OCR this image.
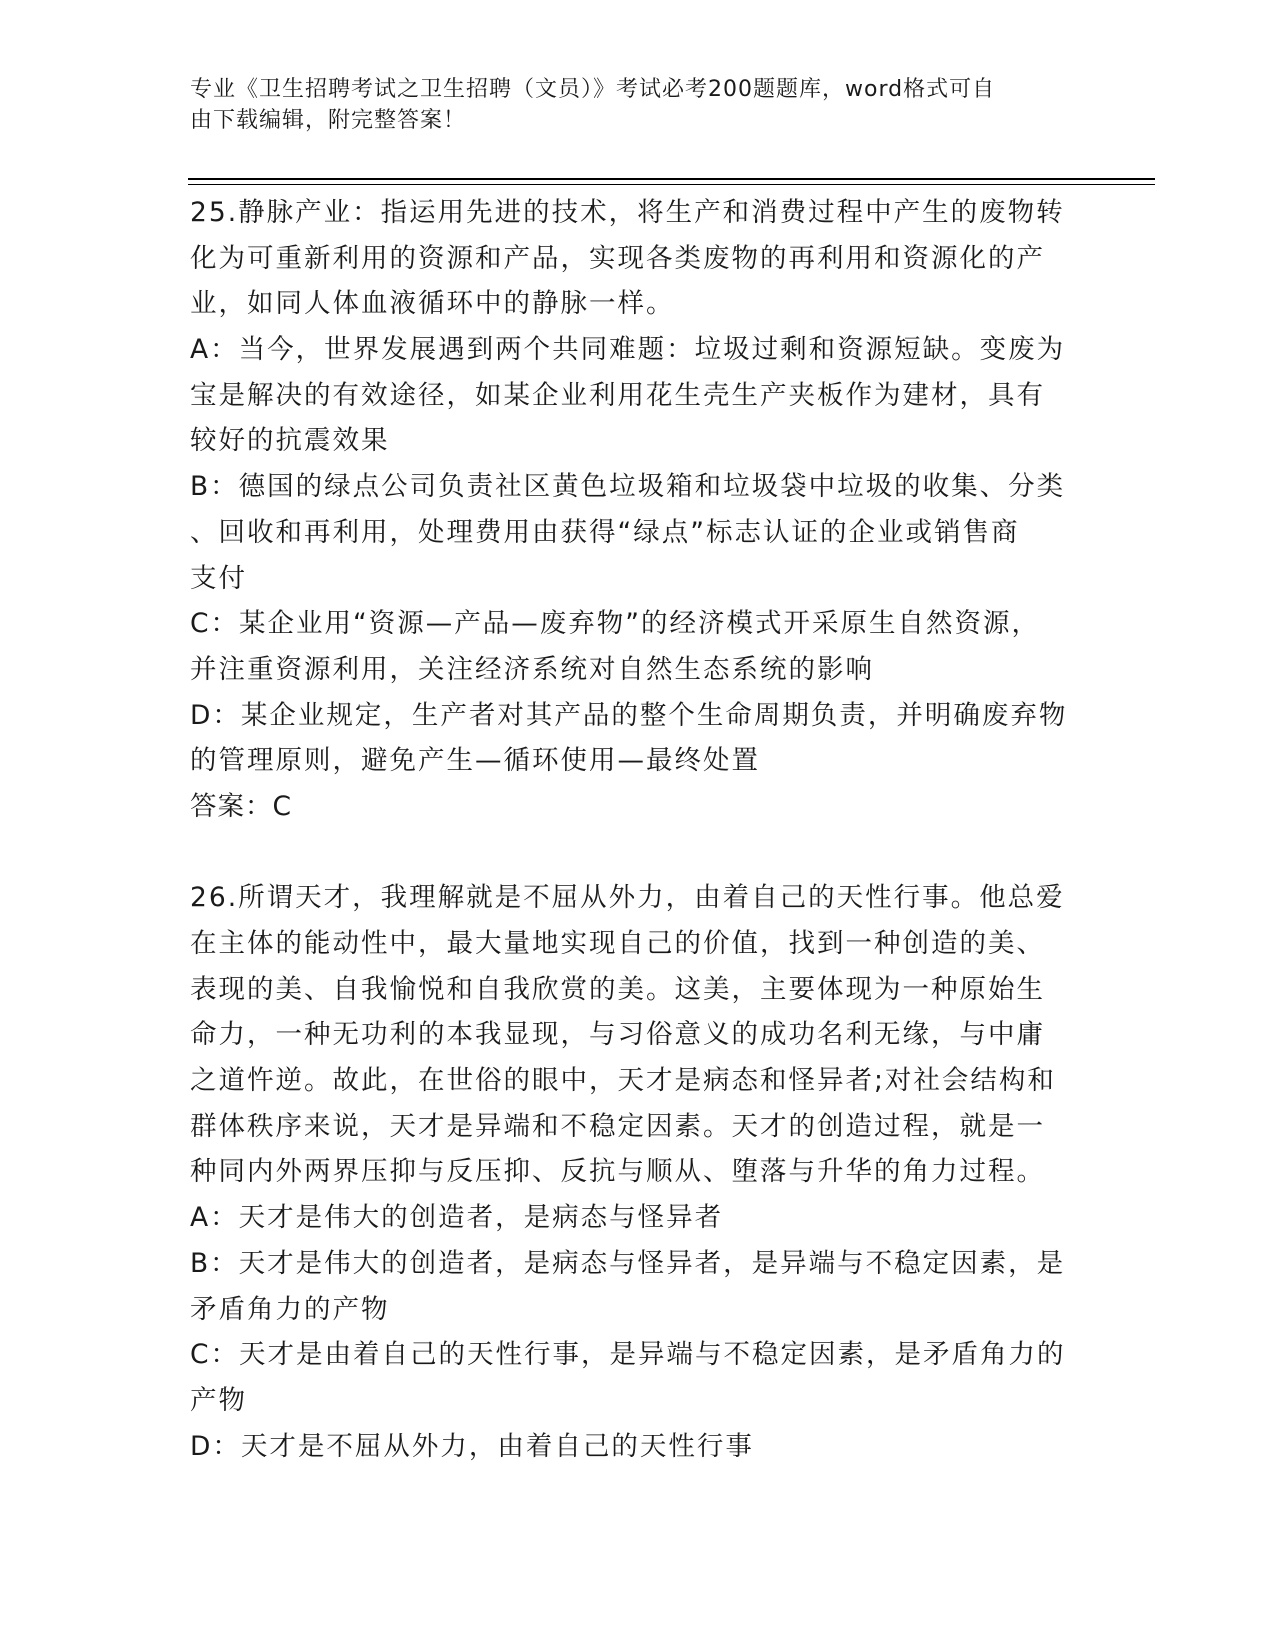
专业《卫生招聘考试之卫生招聘（文员）》考试必考200题题库，word格式可自
由下载编辑，附完整答案！
25.静脉产业：指运用先进的技术，将生产和消费过程中产生的废物转
化为可重新利用的资源和产品，实现各类废物的再利用和资源化的产
业，如同人体血液循环中的静脉一样。
A：当今，世界发展遇到两个共同难题：垃圾过剩和资源短缺。变废为
宝是解决的有效途径，如某企业利用花生壳生产夹板作为建材，具有
较好的抗震效果
B：德国的绿点公司负责社区黄色垃圾箱和垃圾袋中垃圾的收集、分类
、回收和再利用，处理费用由获得“绿点”标志认证的企业或销售商
支付
C：某企业用“资源—产品—废弃物”的经济模式开采原生自然资源，
并注重资源利用，关注经济系统对自然生态系统的影响
D：某企业规定，生产者对其产品的整个生命周期负责，并明确废弃物
的管理原则，避免产生—循环使用—最终处置
答案：C
26.所谓天才，我理解就是不屈从外力，由着自己的天性行事。他总爱
在主体的能动性中，最大量地实现自己的价值，找到一种创造的美、
表现的美、自我愉悦和自我欣赏的美。这美，主要体现为一种原始生
命力，一种无功利的本我显现，与习俗意义的成功名利无缘，与中庸
之道忤逆。故此，在世俗的眼中，天才是病态和怪异者;对社会结构和
群体秩序来说，天才是异端和不稳定因素。天才的创造过程，就是一
种同内外两界压抑与反压抑、反抗与顺从、堕落与升华的角力过程。
A：天才是伟大的创造者，是病态与怪异者
B：天才是伟大的创造者，是病态与怪异者，是异端与不稳定因素，是
矛盾角力的产物
C：天才是由着自己的天性行事，是异端与不稳定因素，是矛盾角力的
产物
D：天才是不屈从外力，由着自己的天性行事
